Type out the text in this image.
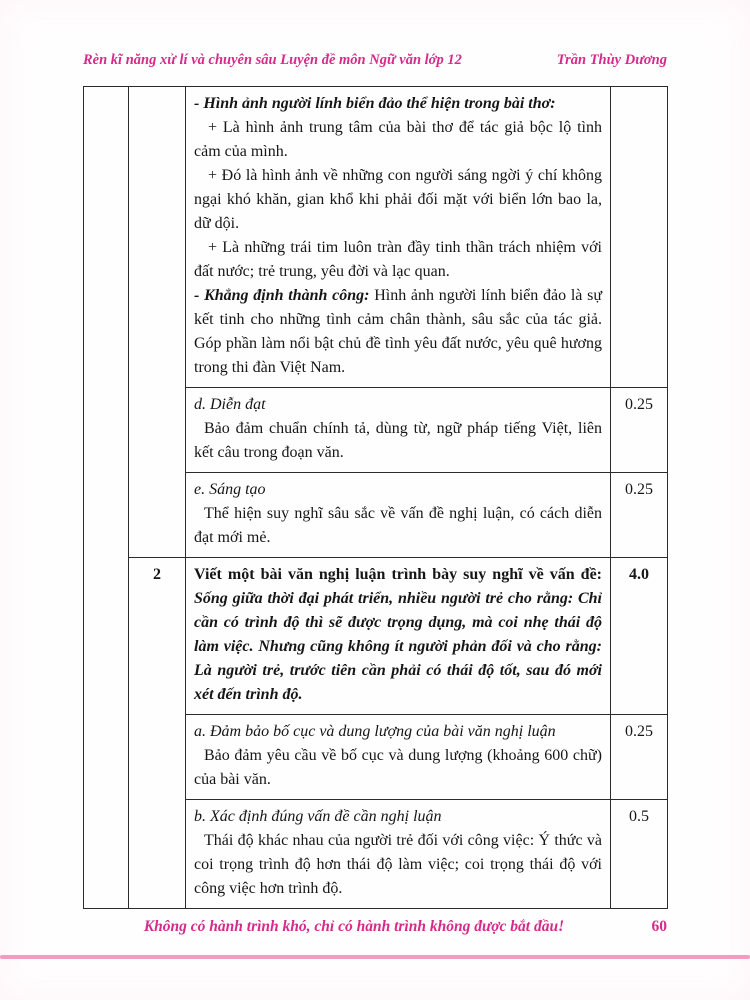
Rèn kĩ năng xử lí và chuyên sâu Luyện đề môn Ngữ văn lớp 12	Trần Thùy Dương

		- Hình ảnh người lính biển đảo thể hiện trong bài thơ:

+ Là hình ảnh trung tâm của bài thơ để tác giả bộc lộ tình cảm của mình.

+ Đó là hình ảnh về những con người sáng ngời ý chí không ngại khó khăn, gian khổ khi phải đối mặt với biển lớn bao la, dữ dội.

+ Là những trái tim luôn tràn đầy tinh thần trách nhiệm với đất nước; trẻ trung, yêu đời và lạc quan.

- Khẳng định thành công: Hình ảnh người lính biển đảo là sự kết tinh cho những tình cảm chân thành, sâu sắc của tác giả. Góp phần làm nổi bật chủ đề tình yêu đất nước, yêu quê hương trong thi đàn Việt Nam.	

		d. Diễn đạt

Bảo đảm chuẩn chính tả, dùng từ, ngữ pháp tiếng Việt, liên kết câu trong đoạn văn.	0.25

		e. Sáng tạo

Thể hiện suy nghĩ sâu sắc về vấn đề nghị luận, có cách diễn đạt mới mẻ.	0.25
	2	Viết một bài văn nghị luận trình bày suy nghĩ về vấn đề: Sống giữa thời đại phát triển, nhiều người trẻ cho rằng: Chỉ cần có trình độ thì sẽ được trọng dụng, mà coi nhẹ thái độ làm việc. Nhưng cũng không ít người phản đối và cho rằng: Là người trẻ, trước tiên cần phải có thái độ tốt, sau đó mới xét đến trình độ.	4.0

		a. Đảm bảo bố cục và dung lượng của bài văn nghị luận

Bảo đảm yêu cầu về bố cục và dung lượng (khoảng 600 chữ) của bài văn.	0.25

		b. Xác định đúng vấn đề cần nghị luận

Thái độ khác nhau của người trẻ đối với công việc: Ý thức và coi trọng trình độ hơn thái độ làm việc; coi trọng thái độ với công việc hơn trình độ.	0.5
Không có hành trình khó, chỉ có hành trình không được bắt đầu!	60
